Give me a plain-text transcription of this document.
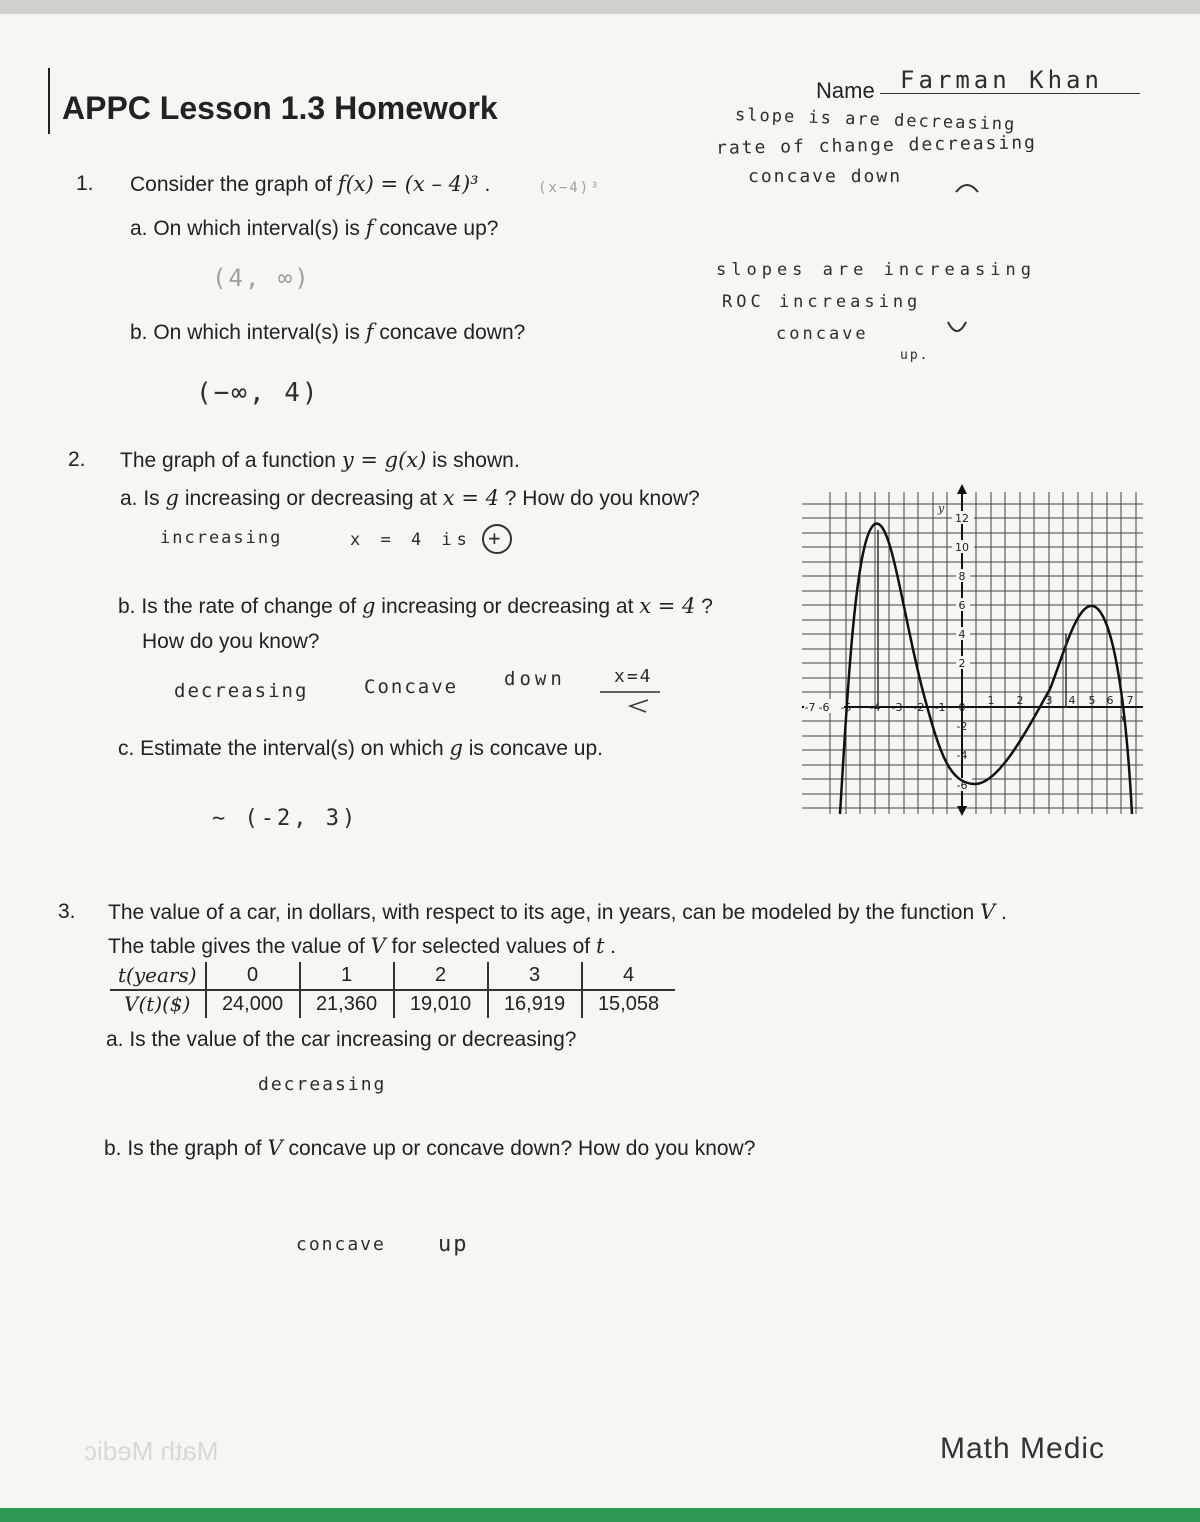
APPC Lesson 1.3 Homework	Name Farman Khan
slope is are decreasing
rate of change decreasing
concave down
1. Consider the graph of f(x) = (x – 4)³ .	(x−4)³
a. On which interval(s) is f concave up?
(4, ∞)
b. On which interval(s) is f concave down?
(−∞, 4)
slopes are increasing
ROC increasing
concave
up.
2. The graph of a function y = g(x) is shown.
a. Is g increasing or decreasing at x = 4 ? How do you know?
increasing	x = 4 is +
b. Is the rate of change of g increasing or decreasing at x = 4 ?
How do you know?
decreasing	Concave down	x=4
c. Estimate the interval(s) on which g is concave up.
∼ (-2, 3)
y
x
-7 -6 -5 -4 -3 -2 -1 0
1 2 3 4 5 6 7
12
10
8
6
4
2
-2
-4
-6
3. The value of a car, in dollars, with respect to its age, in years, can be modeled by the function V .
The table gives the value of V for selected values of t .
t(years)	0	1	2	3	4
V(t)($)	24,000	21,360	19,010	16,919	15,058
a. Is the value of the car increasing or decreasing?
decreasing
b. Is the graph of V concave up or concave down? How do you know?
concave up
Math Medic
Math Medic
